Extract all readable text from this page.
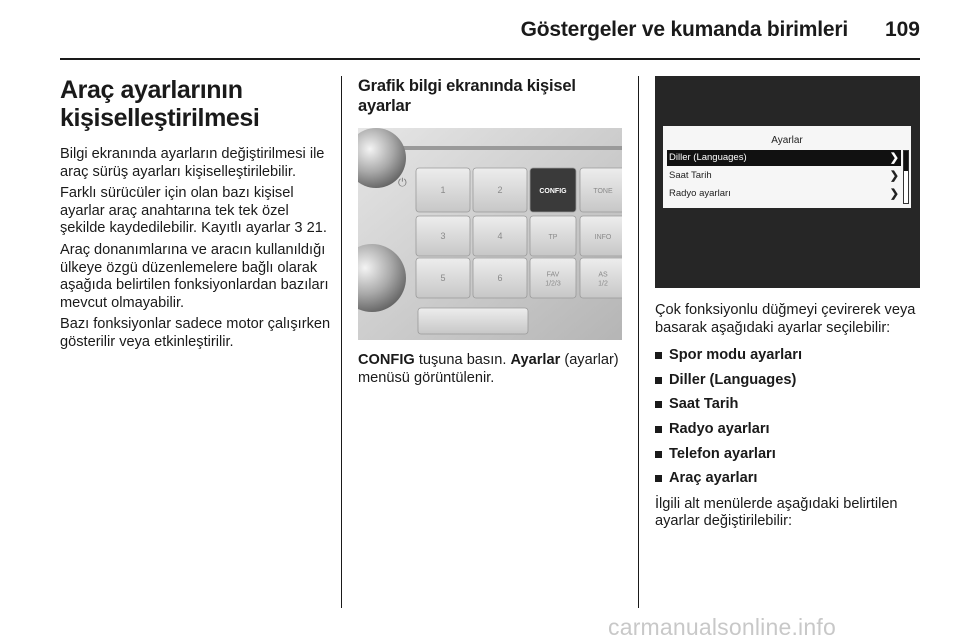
Göstergeler ve kumanda birimleri 109
Araç ayarlarının kişiselleştirilmesi

Bilgi ekranında ayarların değiştirilmesi ile araç sürüş ayarları kişiselleştirilebilir.

Farklı sürücüler için olan bazı kişisel ayarlar araç anahtarına tek tek özel şekilde kaydedilebilir. Kayıtlı ayarlar 3 21.

Araç donanımlarına ve aracın kullanıldığı ülkeye özgü düzenlemelere bağlı olarak aşağıda belirtilen fonksiyonlardan bazıları mevcut olmayabilir.

Bazı fonksiyonlar sadece motor çalışırken gösterilir veya etkinleştirilir.

Grafik bilgi ekranında kişisel ayarlar
⏻
1	2	CONFIG	TONE
3	4	TP	INFO
5	6	FAV
1/2/3
AS
1/2

CONFIG tuşuna basın. Ayarlar (ayarlar) menüsü görüntülenir.

Ayarlar
Diller (Languages)	❯
Saat Tarih	❯
Radyo ayarları	❯

Çok fonksiyonlu düğmeyi çevirerek veya basarak aşağıdaki ayarlar seçilebilir:

Spor modu ayarları
Diller (Languages)
Saat Tarih
Radyo ayarları
Telefon ayarları
Araç ayarları

İlgili alt menülerde aşağıdaki belirtilen ayarlar değiştirilebilir:

carmanualsonline.info
